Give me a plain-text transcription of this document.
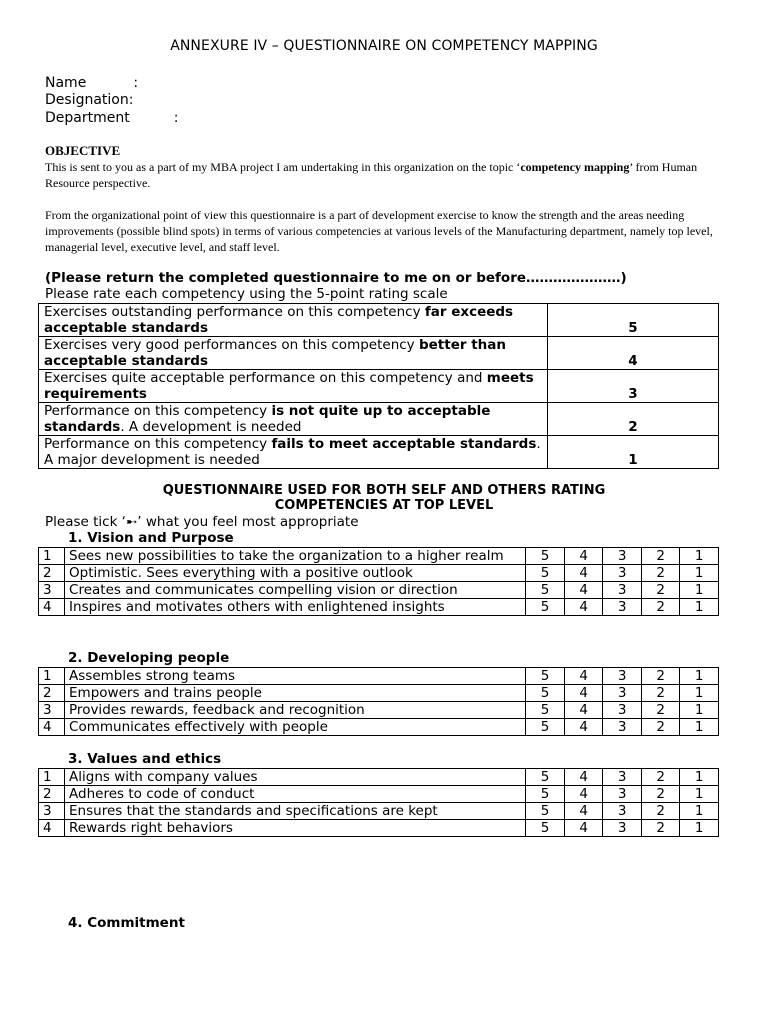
ANNEXURE IV – QUESTIONNAIRE ON COMPETENCY MAPPING
Name	:
Designation:
Department	:
OBJECTIVE
This is sent to you as a part of my MBA project I am undertaking in this organization on the topic ‘competency mapping’ from Human Resource perspective.
From the organizational point of view this questionnaire is a part of development exercise to know the strength and the areas needing improvements (possible blind spots) in terms of various competencies at various levels of the Manufacturing department, namely top level, managerial level, executive level, and staff level.
(Please return the completed questionnaire to me on or before…………………)
Please rate each competency using the 5-point rating scale
Exercises outstanding performance on this competency far exceeds acceptable standards	5
Exercises very good performances on this competency better than acceptable standards	4
Exercises quite acceptable performance on this competency and meets requirements	3
Performance on this competency is not quite up to acceptable standards. A development is needed	2
Performance on this competency fails to meet acceptable standards. A major development is needed	1
QUESTIONNAIRE USED FOR BOTH SELF AND OTHERS RATING
COMPETENCIES AT TOP LEVEL
Please tick ‘➸’ what you feel most appropriate
1. Vision and Purpose
1	Sees new possibilities to take the organization to a higher realm	5	4	3	2	1
2	Optimistic. Sees everything with a positive outlook	5	4	3	2	1
3	Creates and communicates compelling vision or direction	5	4	3	2	1
4	Inspires and motivates others with enlightened insights	5	4	3	2	1
2. Developing people
1	Assembles strong teams	5	4	3	2	1
2	Empowers and trains people	5	4	3	2	1
3	Provides rewards, feedback and recognition	5	4	3	2	1
4	Communicates effectively with people	5	4	3	2	1
3. Values and ethics
1	Aligns with company values	5	4	3	2	1
2	Adheres to code of conduct	5	4	3	2	1
3	Ensures that the standards and specifications are kept	5	4	3	2	1
4	Rewards right behaviors	5	4	3	2	1
4. Commitment
